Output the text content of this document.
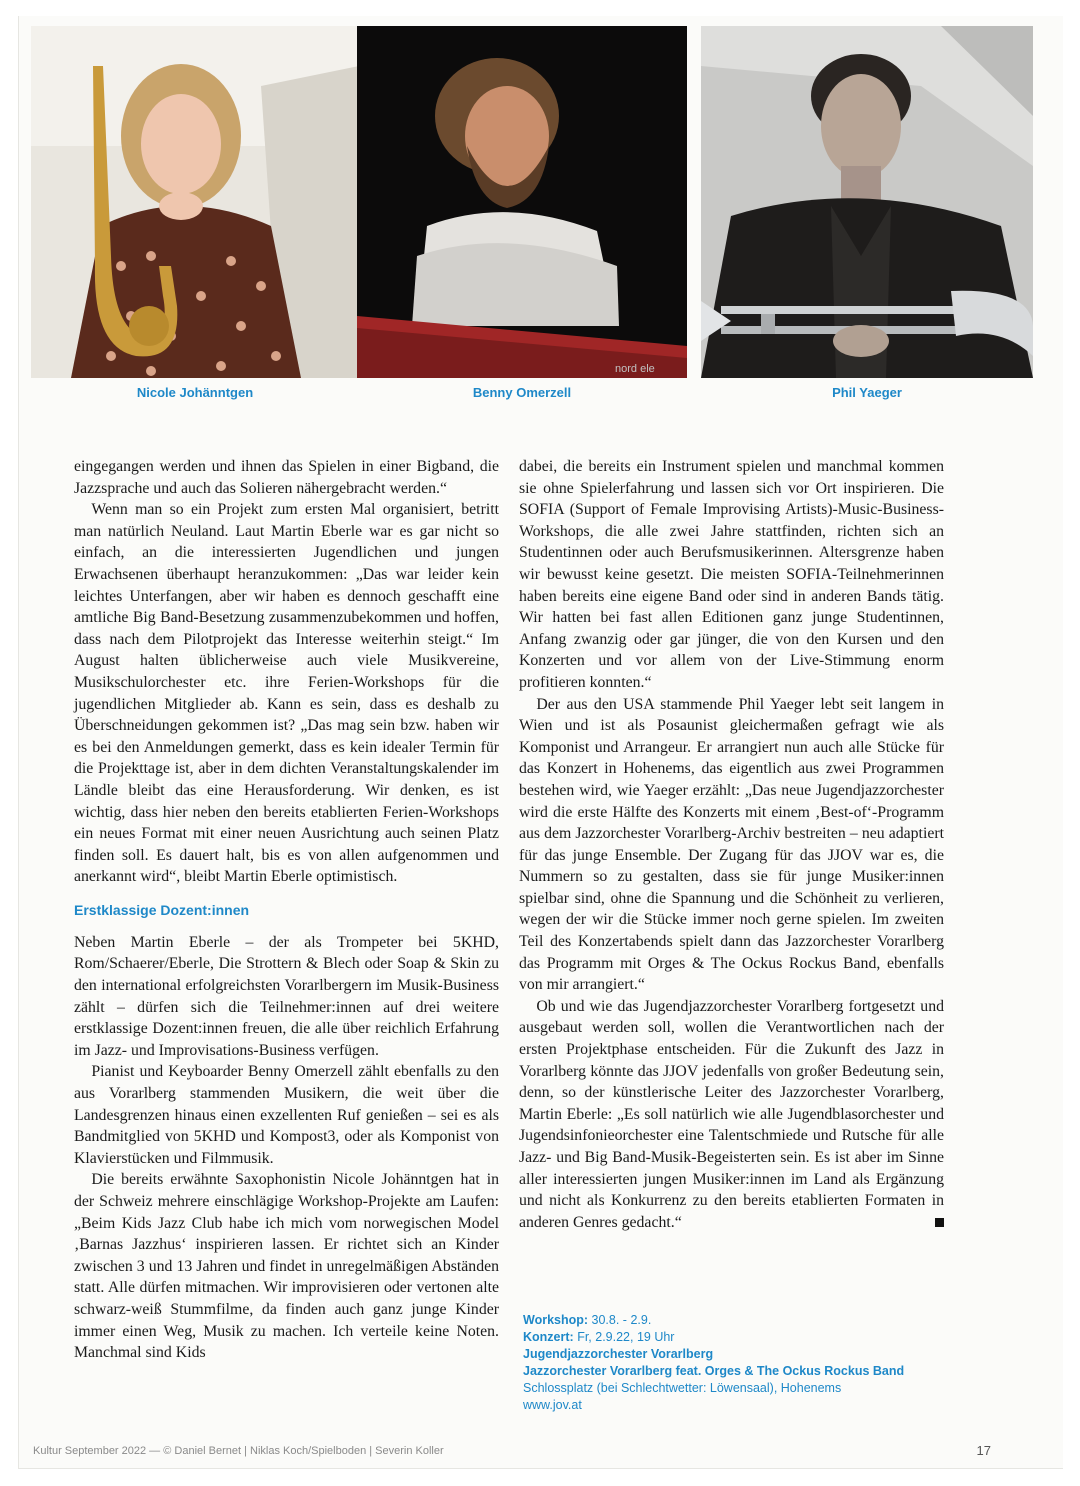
nord ele
Nicole Johänntgen	Benny Omerzell	Phil Yaeger

eingegangen werden und ihnen das Spielen in einer Bigband, die Jazzsprache und auch das Solieren nähergebracht werden.“

Wenn man so ein Projekt zum ersten Mal organisiert, betritt man natürlich Neuland. Laut Martin Eberle war es gar nicht so einfach, an die interessierten Jugendlichen und jungen Erwachsenen überhaupt heranzukommen: „Das war leider kein leichtes Unterfangen, aber wir haben es dennoch geschafft eine amtliche Big Band-Besetzung zusammenzubekommen und hoffen, dass nach dem Pilotprojekt das Interesse weiterhin steigt.“ Im August halten üblicherweise auch viele Musikvereine, Musikschulorchester etc. ihre Ferien-Workshops für die jugendlichen Mitglieder ab. Kann es sein, dass es deshalb zu Überschneidungen gekommen ist? „Das mag sein bzw. haben wir es bei den Anmeldungen gemerkt, dass es kein idealer Termin für die Projekttage ist, aber in dem dichten Veranstaltungskalender im Ländle bleibt das eine Herausforderung. Wir denken, es ist wichtig, dass hier neben den bereits etablierten Ferien-Workshops ein neues Format mit einer neuen Ausrichtung auch seinen Platz finden soll. Es dauert halt, bis es von allen aufgenommen und anerkannt wird“, bleibt Martin Eberle optimistisch.

Erstklassige Dozent:innen

Neben Martin Eberle – der als Trompeter bei 5KHD, Rom/Schaerer/Eberle, Die Strottern & Blech oder Soap & Skin zu den international erfolgreichsten Vorarlbergern im Musik-Business zählt – dürfen sich die Teilnehmer:innen auf drei weitere erstklassige Dozent:innen freuen, die alle über reichlich Erfahrung im Jazz- und Improvisations-Business verfügen.

Pianist und Keyboarder Benny Omerzell zählt ebenfalls zu den aus Vorarlberg stammenden Musikern, die weit über die Landesgrenzen hinaus einen exzellenten Ruf genießen – sei es als Bandmitglied von 5KHD und Kompost3, oder als Komponist von Klavierstücken und Filmmusik.

Die bereits erwähnte Saxophonistin Nicole Johänntgen hat in der Schweiz mehrere einschlägige Workshop-Projekte am Laufen: „Beim Kids Jazz Club habe ich mich vom norwegischen Model ‚Barnas Jazzhus‘ inspirieren lassen. Er richtet sich an Kinder zwischen 3 und 13 Jahren und findet in unregelmäßigen Abständen statt. Alle dürfen mitmachen. Wir improvisieren oder vertonen alte schwarz-weiß Stummfilme, da finden auch ganz junge Kinder immer einen Weg, Musik zu machen. Ich verteile keine Noten. Manchmal sind Kids

dabei, die bereits ein Instrument spielen und manchmal kommen sie ohne Spielerfahrung und lassen sich vor Ort inspirieren. Die SOFIA (Support of Female Improvising Artists)-Music-Business-Workshops, die alle zwei Jahre stattfinden, richten sich an Studentinnen oder auch Berufsmusikerinnen. Altersgrenze haben wir bewusst keine gesetzt. Die meisten SOFIA-Teilnehmerinnen haben bereits eine eigene Band oder sind in anderen Bands tätig. Wir hatten bei fast allen Editionen ganz junge Studentinnen, Anfang zwanzig oder gar jünger, die von den Kursen und den Konzerten und vor allem von der Live-Stimmung enorm profitieren konnten.“

Der aus den USA stammende Phil Yaeger lebt seit langem in Wien und ist als Posaunist gleichermaßen gefragt wie als Komponist und Arrangeur. Er arrangiert nun auch alle Stücke für das Konzert in Hohenems, das eigentlich aus zwei Programmen bestehen wird, wie Yaeger erzählt: „Das neue Jugendjazzorchester wird die erste Hälfte des Konzerts mit einem ‚Best-of‘-Programm aus dem Jazzorchester Vorarlberg-Archiv bestreiten – neu adaptiert für das junge Ensemble. Der Zugang für das JJOV war es, die Nummern so zu gestalten, dass sie für junge Musiker:innen spielbar sind, ohne die Spannung und die Schönheit zu verlieren, wegen der wir die Stücke immer noch gerne spielen. Im zweiten Teil des Konzertabends spielt dann das Jazzorchester Vorarlberg das Programm mit Orges & The Ockus Rockus Band, ebenfalls von mir arrangiert.“

Ob und wie das Jugendjazzorchester Vorarlberg fortgesetzt und ausgebaut werden soll, wollen die Verantwortlichen nach der ersten Projektphase entscheiden. Für die Zukunft des Jazz in Vorarlberg könnte das JJOV jedenfalls von großer Bedeutung sein, denn, so der künstlerische Leiter des Jazzorchester Vorarlberg, Martin Eberle: „Es soll natürlich wie alle Jugendblasorchester und Jugendsinfonieorchester eine Talentschmiede und Rutsche für alle Jazz- und Big Band-Musik-Begeisterten sein. Es ist aber im Sinne aller interessierten jungen Musiker:innen im Land als Ergänzung und nicht als Konkurrenz zu den bereits etablierten Formaten in anderen Genres gedacht.“

Workshop: 30.8. - 2.9.
Konzert: Fr, 2.9.22, 19 Uhr
Jugendjazzorchester Vorarlberg
Jazzorchester Vorarlberg feat. Orges & The Ockus Rockus Band
Schlossplatz (bei Schlechtwetter: Löwensaal), Hohenems
www.jov.at
Kultur September 2022 — © Daniel Bernet | Niklas Koch/Spielboden | Severin Koller	17
